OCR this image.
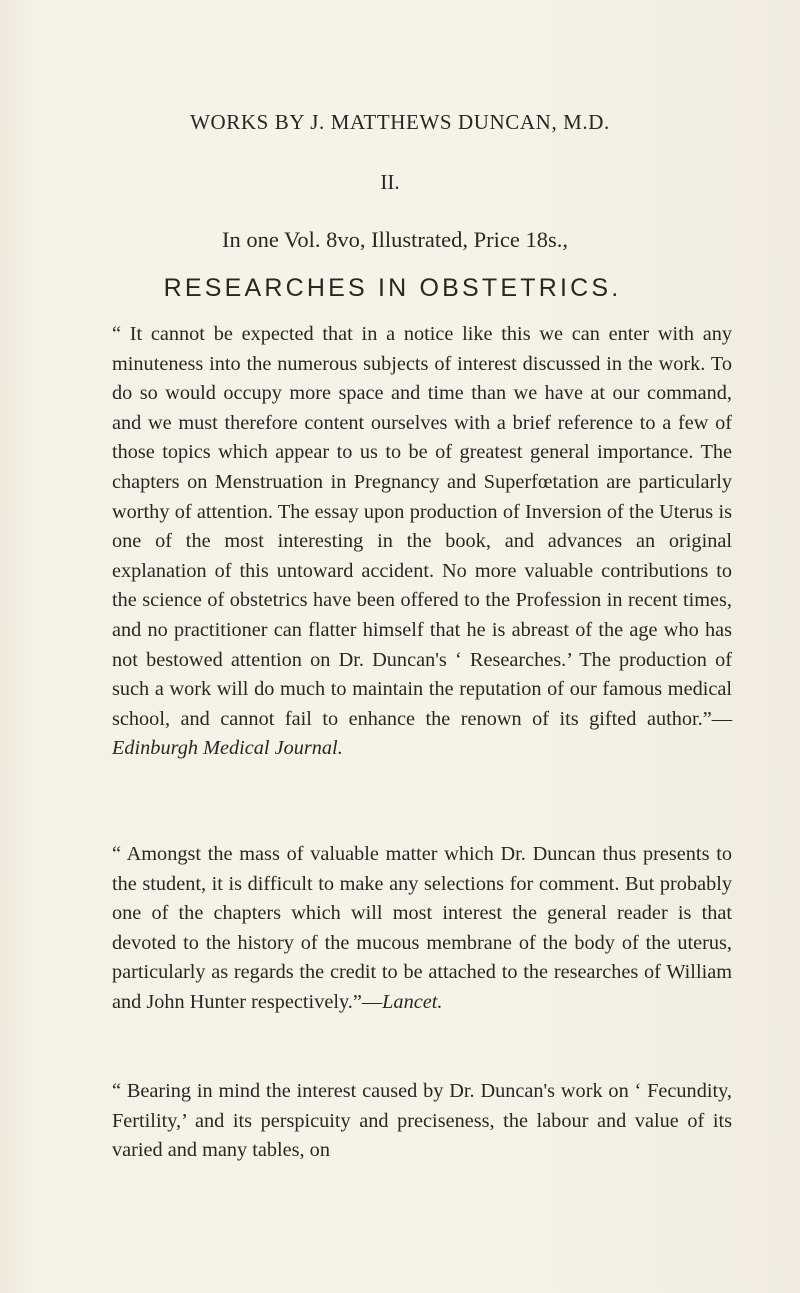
WORKS BY J. MATTHEWS DUNCAN, M.D.
II.
In one Vol. 8vo, Illustrated, Price 18s.,
RESEARCHES IN OBSTETRICS.

“ It cannot be expected that in a notice like this we can enter with any minuteness into the numerous subjects of interest discussed in the work. To do so would occupy more space and time than we have at our command, and we must therefore content ourselves with a brief reference to a few of those topics which appear to us to be of greatest general importance. The chapters on Menstruation in Pregnancy and Superfœtation are particularly worthy of attention. The essay upon production of Inversion of the Uterus is one of the most interesting in the book, and advances an original explanation of this untoward accident. No more valuable contributions to the science of obstetrics have been offered to the Profession in recent times, and no practitioner can flatter himself that he is abreast of the age who has not bestowed attention on Dr. Duncan's ‘ Researches.’ The production of such a work will do much to maintain the reputation of our famous medical school, and cannot fail to enhance the renown of its gifted author.”—Edinburgh Medical Journal.

“ Amongst the mass of valuable matter which Dr. Duncan thus presents to the student, it is difficult to make any selections for comment. But probably one of the chapters which will most interest the general reader is that devoted to the history of the mucous membrane of the body of the uterus, particularly as regards the credit to be attached to the researches of William and John Hunter respectively.”—Lancet.

“ Bearing in mind the interest caused by Dr. Duncan's work on ‘ Fecundity, Fertility,’ and its perspicuity and preciseness, the labour and value of its varied and many tables, on
